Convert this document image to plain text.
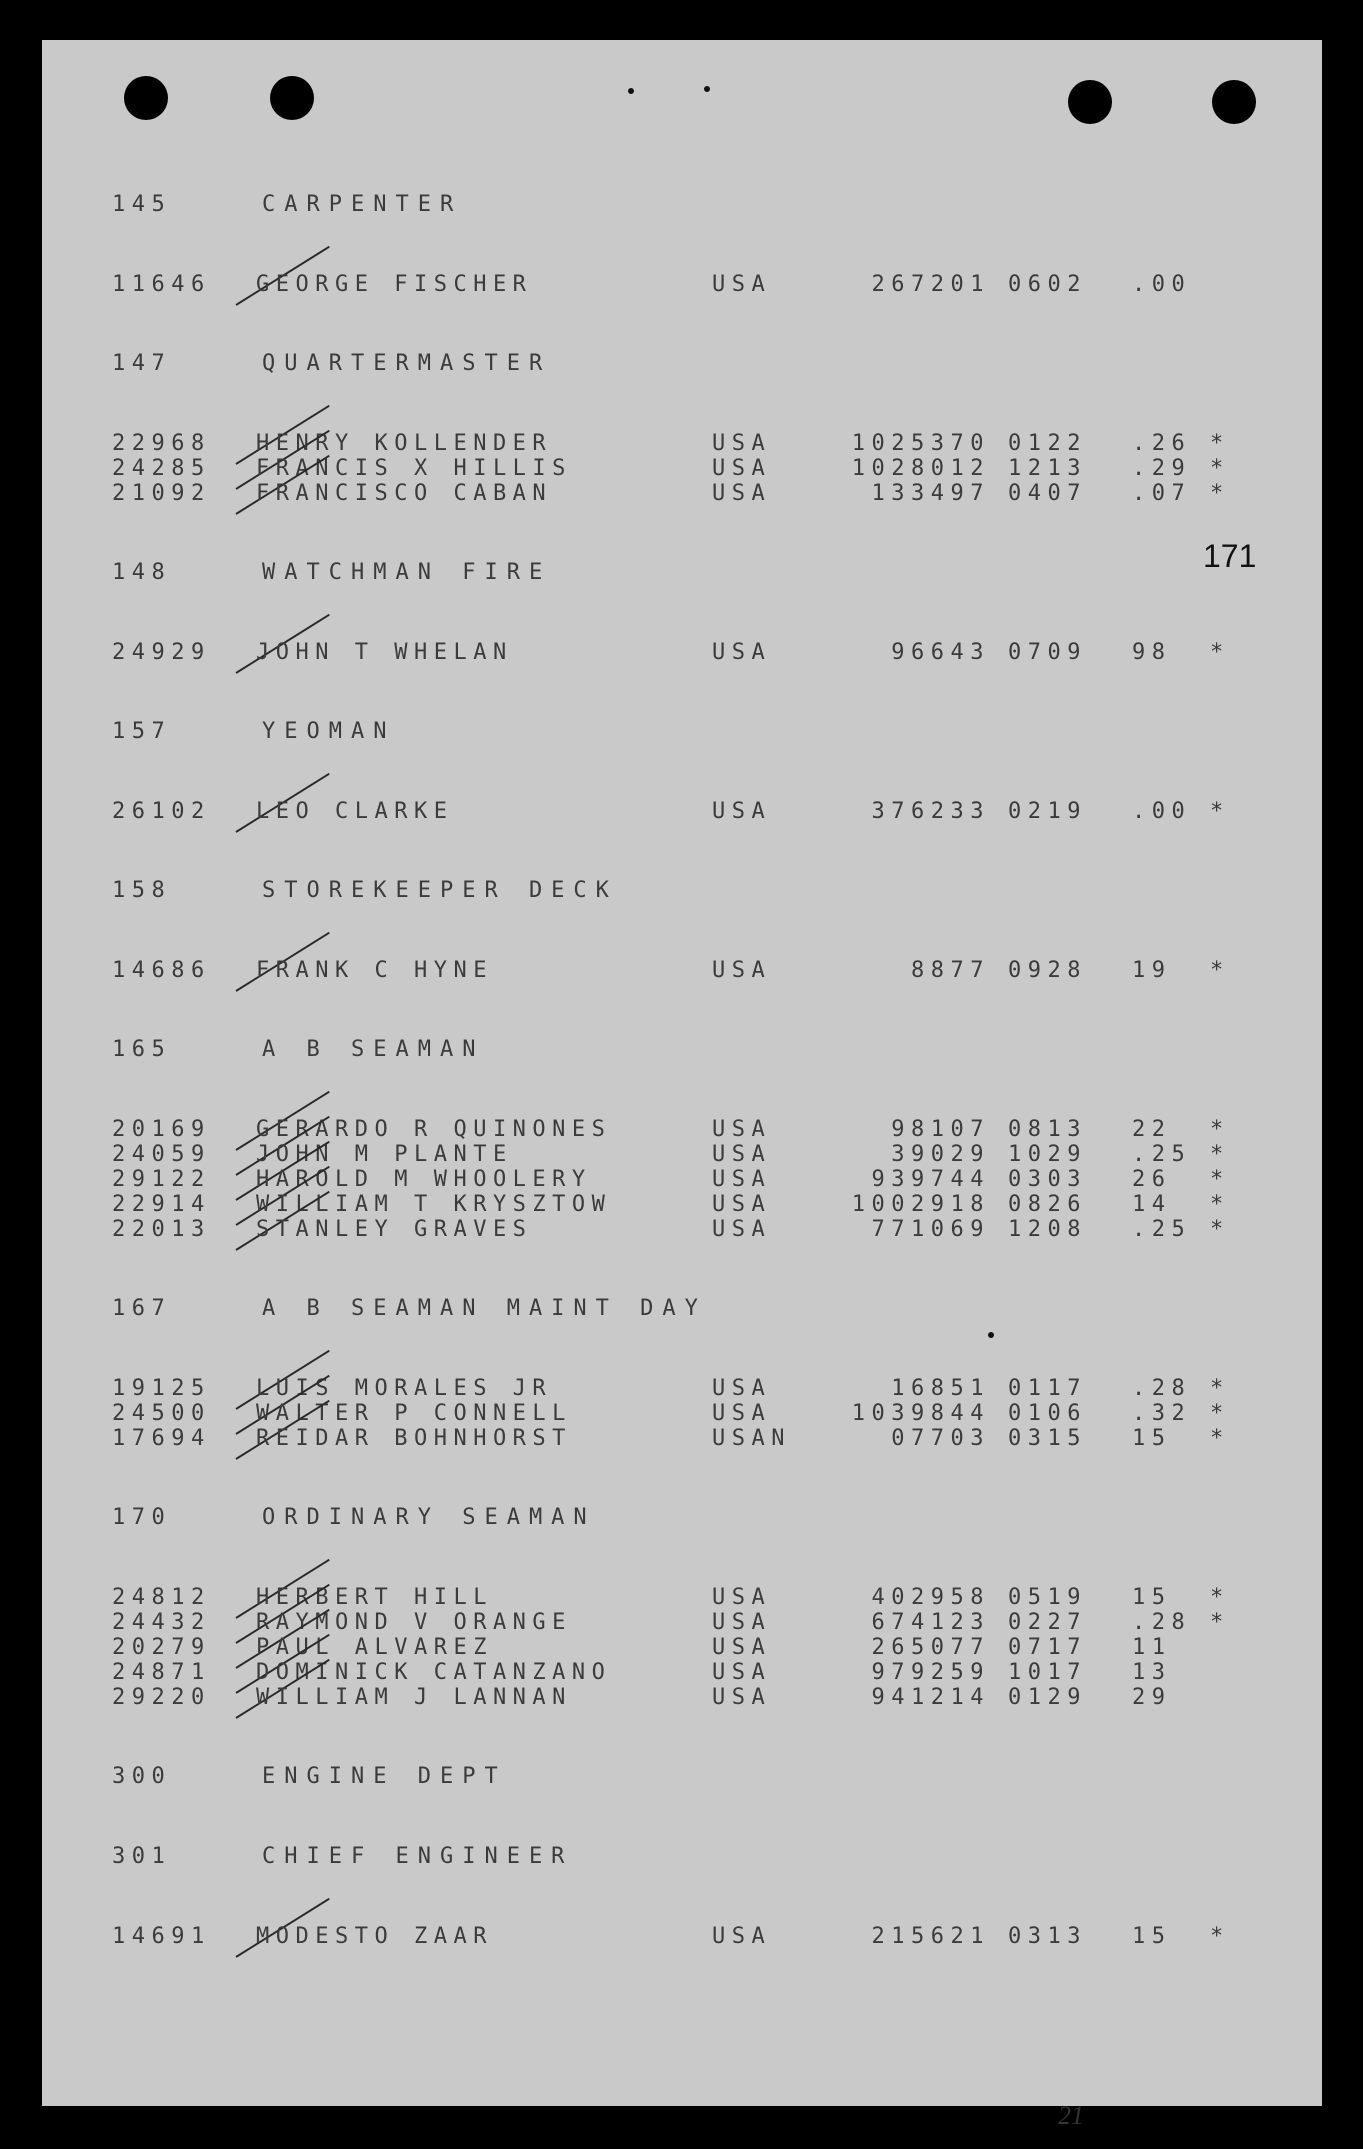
171
21
145	CARPENTER
11646 GEORGE FISCHER	USA	267201 0602 .00
147	QUARTERMASTER
22968 HENRY KOLLENDER	USA	1025370 0122 .26 *
24285 FRANCIS X HILLIS	USA	1028012 1213 .29 *
21092 FRANCISCO CABAN	USA	133497 0407 .07 *
148	WATCHMAN FIRE
24929 JOHN T WHELAN	USA	96643 0709 98 *
157	YEOMAN
26102 LEO CLARKE	USA	376233 0219 .00 *
158	STOREKEEPER DECK
14686 FRANK C HYNE	USA	8877 0928 19 *
165	A B SEAMAN
20169 GERARDO R QUINONES	USA	98107 0813 22 *
24059 JOHN M PLANTE	USA	39029 1029 .25 *
29122 HAROLD M WHOOLERY	USA	939744 0303 26 *
22914 WILLIAM T KRYSZTOW	USA	1002918 0826 14 *
22013 STANLEY GRAVES	USA	771069 1208 .25 *
167	A B SEAMAN MAINT DAY
19125 LUIS MORALES JR	USA	16851 0117 .28 *
24500 WALTER P CONNELL	USA	1039844 0106 .32 *
17694 REIDAR BOHNHORST	USAN	07703 0315 15 *
170	ORDINARY SEAMAN
24812 HERBERT HILL	USA	402958 0519 15 *
24432 RAYMOND V ORANGE	USA	674123 0227 .28 *
20279 PAUL ALVAREZ	USA	265077 0717 11
24871 DOMINICK CATANZANO	USA	979259 1017 13
29220 WILLIAM J LANNAN	USA	941214 0129 29
300	ENGINE DEPT
301	CHIEF ENGINEER
14691 MODESTO ZAAR	USA	215621 0313 15 *
